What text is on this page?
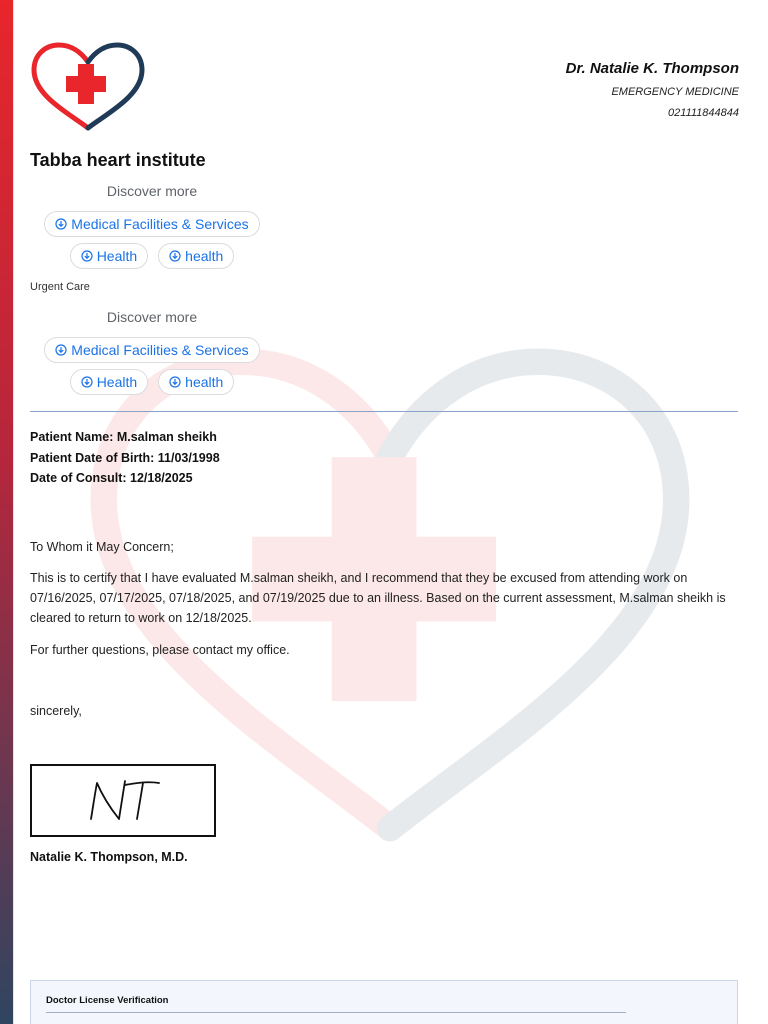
Dr. Natalie K. Thompson
EMERGENCY MEDICINE
021111844844
Tabba heart institute
Discover more
Medical Facilities & Services
Health	health
Urgent Care
Discover more
Medical Facilities & Services
Health	health
Patient Name: M.salman sheikh
Patient Date of Birth: 11/03/1998
Date of Consult: 12/18/2025
To Whom it May Concern;
This is to certify that I have evaluated M.salman sheikh, and I recommend that they be excused from attending work on 07/16/2025, 07/17/2025, 07/18/2025, and 07/19/2025 due to an illness. Based on the current assessment, M.salman sheikh is cleared to return to work on 12/18/2025.
For further questions, please contact my office.
sincerely,
Natalie K. Thompson, M.D.
Doctor License Verification
